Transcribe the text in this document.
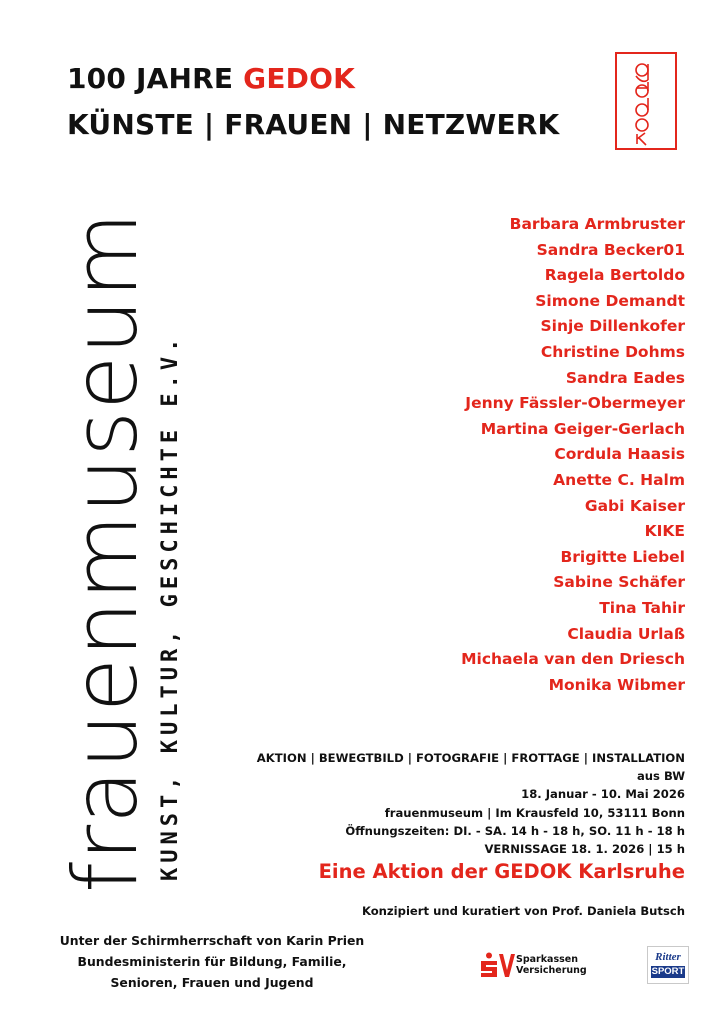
100 JAHRE GEDOK
KÜNSTE | FRAUEN | NETZWERK
frauenmuseum KUNST, KULTUR, GESCHICHTE E.V.
Barbara Armbruster
Sandra Becker01
Ragela Bertoldo
Simone Demandt
Sinje Dillenkofer
Christine Dohms
Sandra Eades
Jenny Fässler-Obermeyer
Martina Geiger-Gerlach
Cordula Haasis
Anette C. Halm
Gabi Kaiser
KIKE
Brigitte Liebel
Sabine Schäfer
Tina Tahir
Claudia Urlaß
Michaela van den Driesch
Monika Wibmer
AKTION | BEWEGTBILD | FOTOGRAFIE | FROTTAGE | INSTALLATION
aus BW
18. Januar - 10. Mai 2026
frauenmuseum | Im Krausfeld 10, 53111 Bonn
Öffnungszeiten: DI. - SA. 14 h - 18 h, SO. 11 h - 18 h
VERNISSAGE 18. 1. 2026 | 15 h
Eine Aktion der GEDOK Karlsruhe
Konzipiert und kuratiert von Prof. Daniela Butsch
Unter der Schirmherrschaft von Karin Prien
Bundesministerin für Bildung, Familie,
Senioren, Frauen und Jugend
Sparkassen
Versicherung
Ritter
SPORT
